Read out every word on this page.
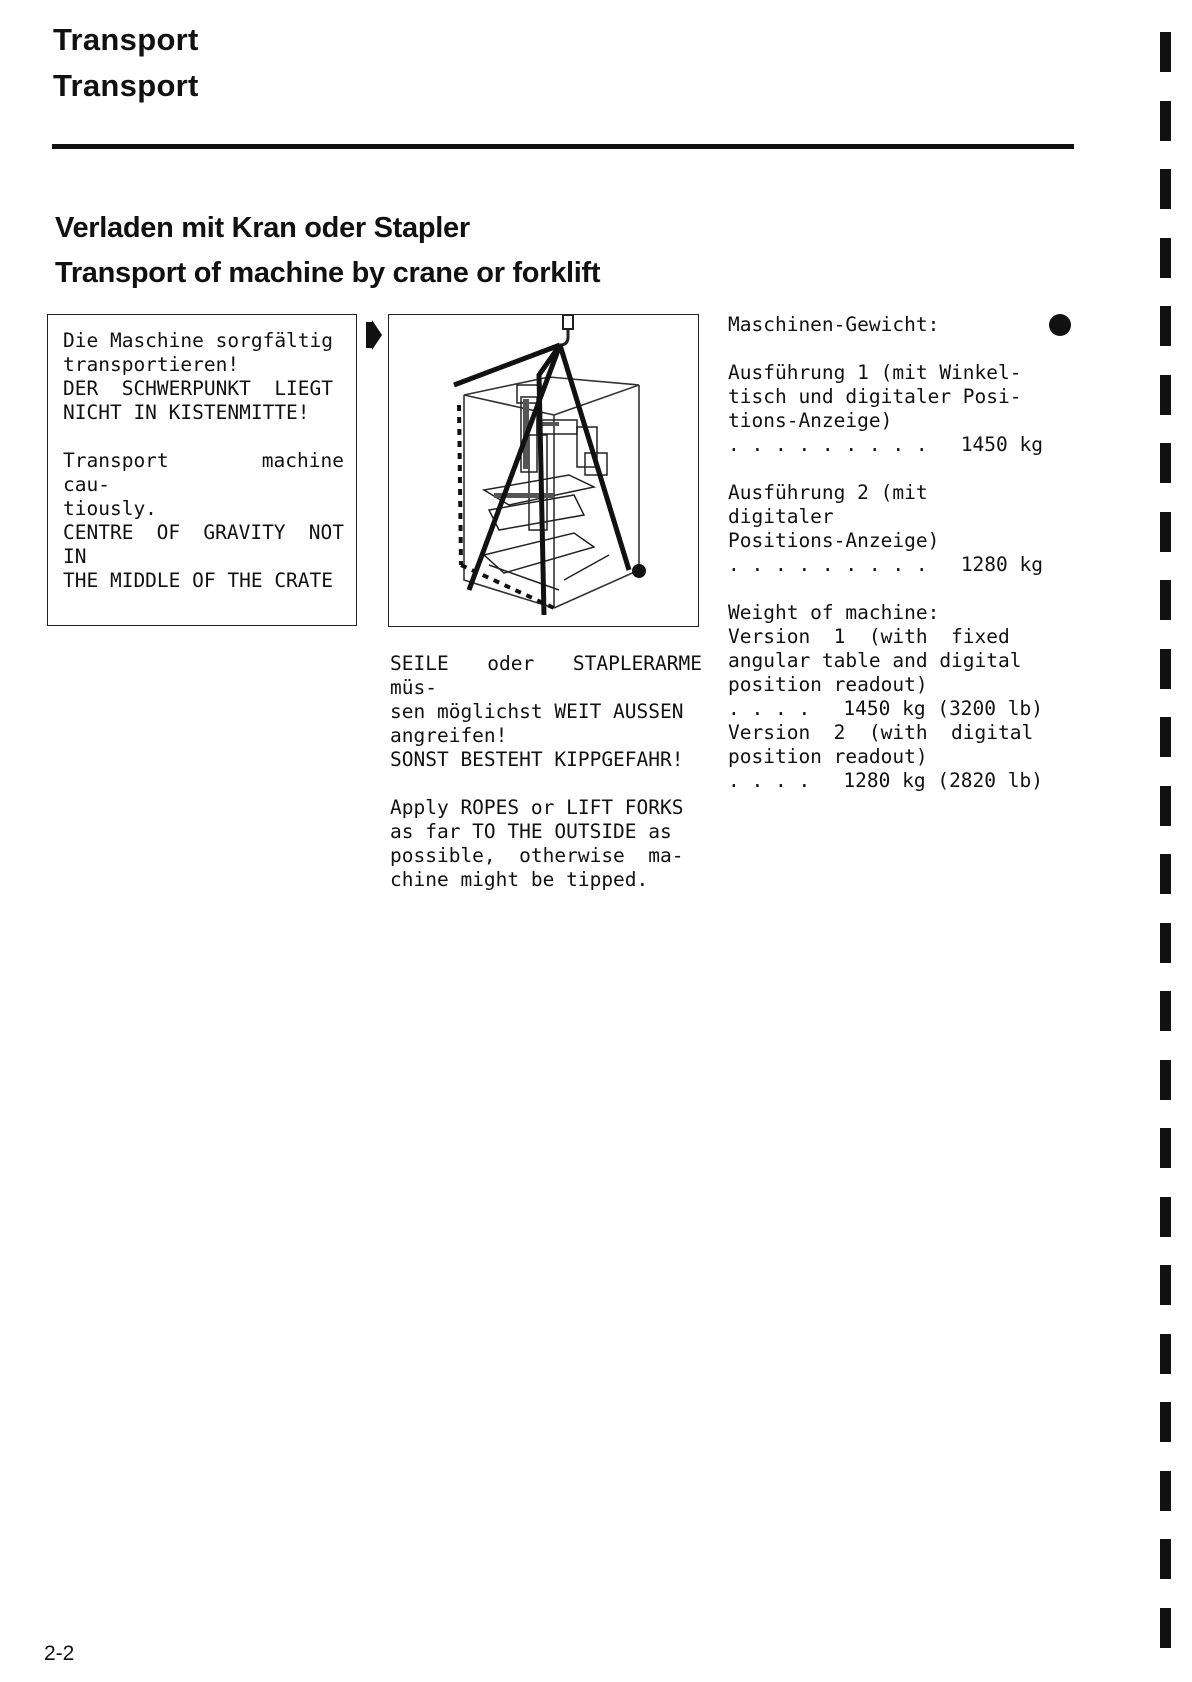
Transport
Transport
Verladen mit Kran oder Stapler
Transport of machine by crane or forklift
Die Maschine sorgfältig
transportieren!
DER  SCHWERPUNKT  LIEGT
NICHT IN KISTENMITTE!
Transport  machine  cau-
tiously.
CENTRE OF GRAVITY NOT IN
THE MIDDLE OF THE CRATE
SEILE oder STAPLERARME müs-
sen möglichst WEIT AUSSEN
angreifen!
SONST BESTEHT KIPPGEFAHR!
Apply ROPES or LIFT FORKS
as far TO THE OUTSIDE as
possible,  otherwise  ma-
chine might be tipped.
Maschinen-Gewicht:
Ausführung 1 (mit Winkel-
tisch und digitaler Posi-
tions-Anzeige)
. . . . . . . . . 1450 kg
Ausführung 2 (mit digitaler
Positions-Anzeige)
. . . . . . . . . 1280 kg
Weight of machine:
Version  1  (with  fixed
angular table and digital
position readout)
. . . . 1450 kg (3200 lb)
Version  2  (with  digital
position readout)
. . . . 1280 kg (2820 lb)
2-2
